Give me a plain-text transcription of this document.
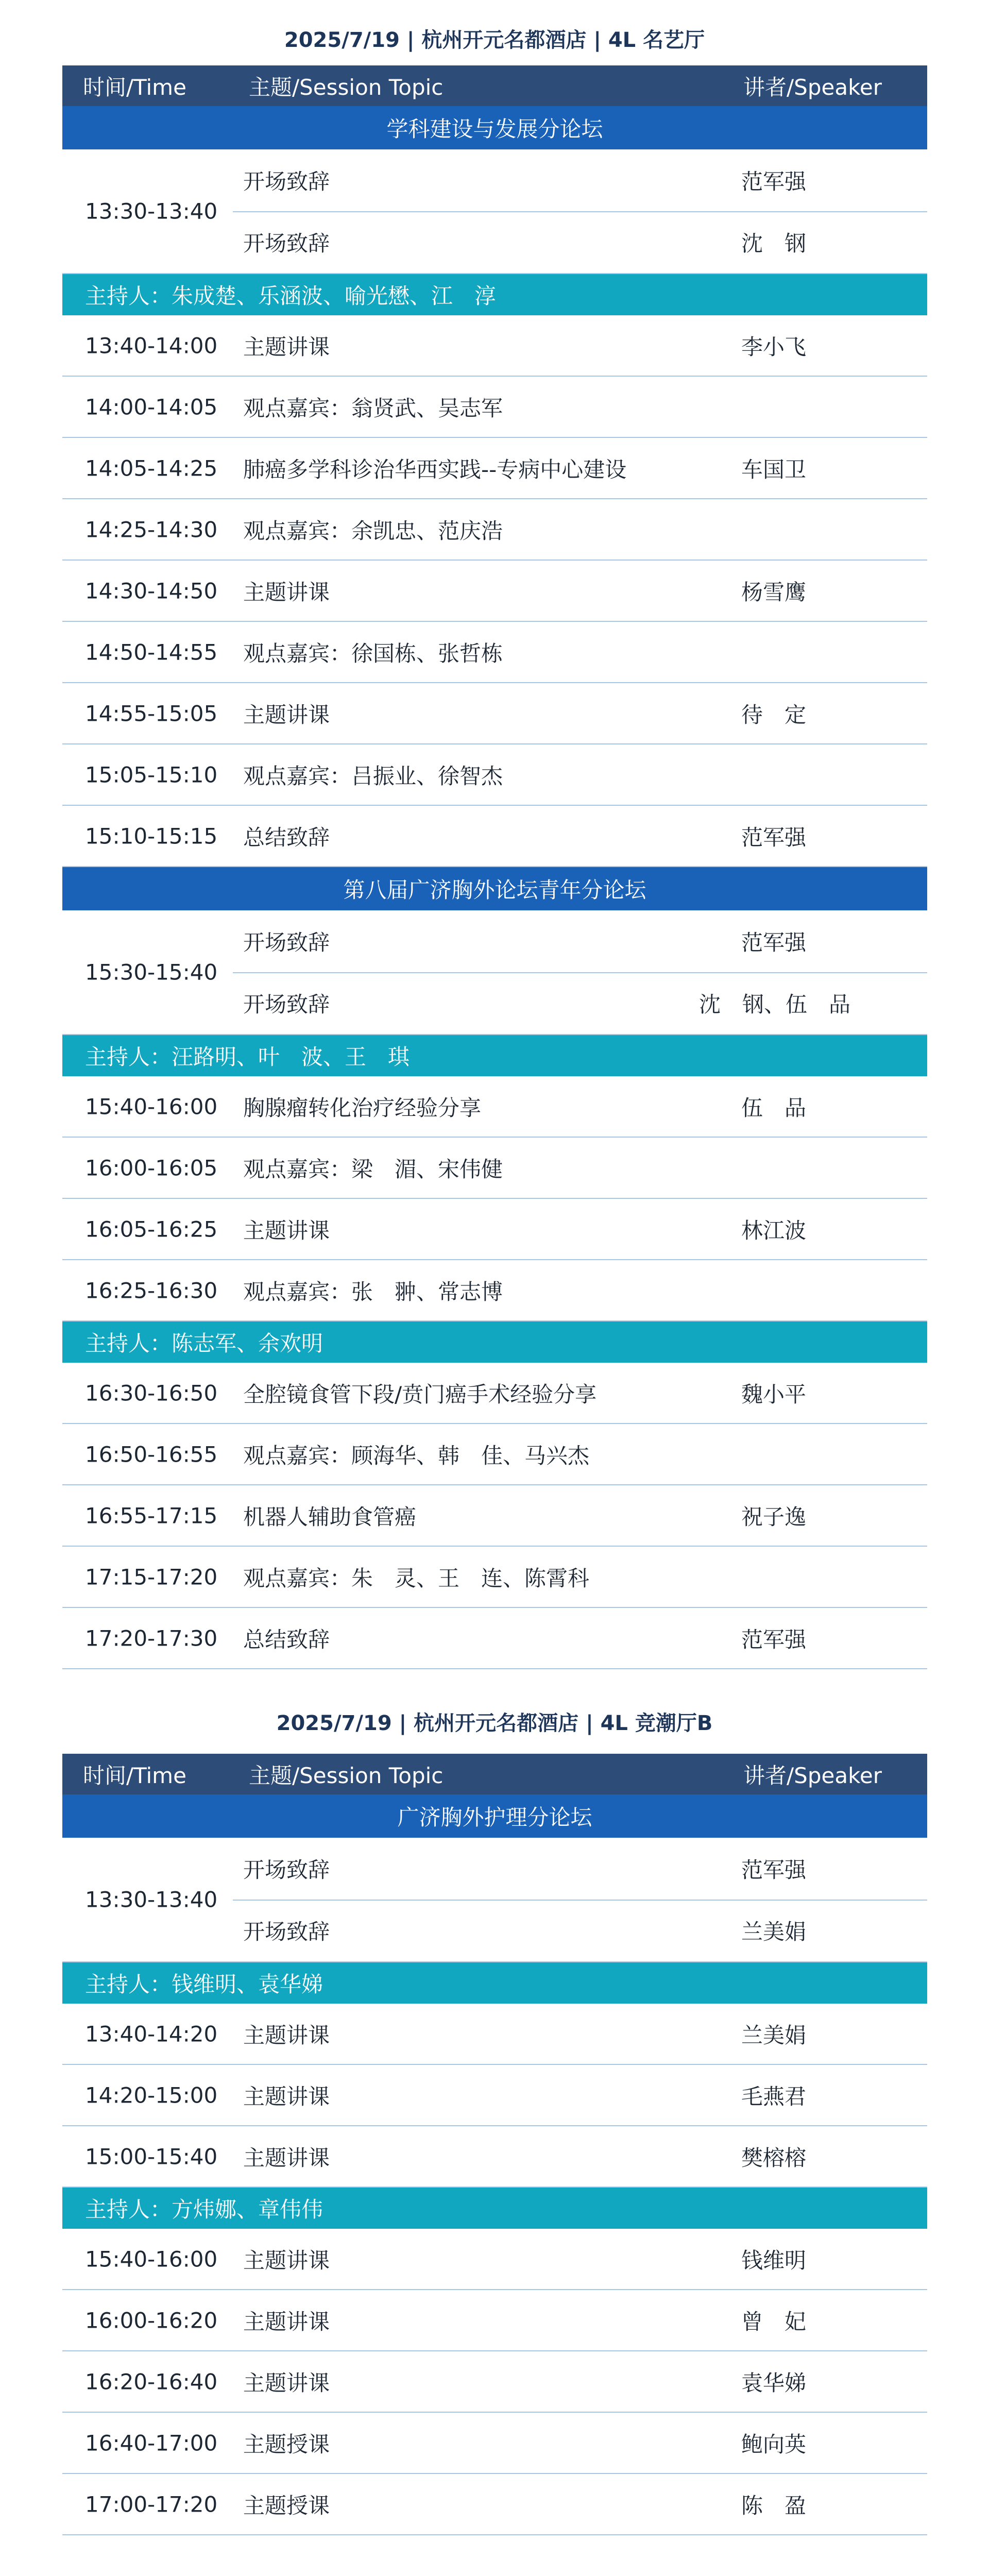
2025/7/19 | 杭州开元名都酒店 | 4L 名艺厅
时间/Time	主题/Session Topic	讲者/Speaker
学科建设与发展分论坛
13:30-13:40
开场致辞	范军强
开场致辞	沈　钢
主持人：朱成楚、乐涵波、喻光懋、江　淳
13:40-14:00 主题讲课	李小飞
14:00-14:05 观点嘉宾：翁贤武、吴志军
14:05-14:25 肺癌多学科诊治华西实践--专病中心建设	车国卫
14:25-14:30 观点嘉宾：余凯忠、范庆浩
14:30-14:50 主题讲课	杨雪鹰
14:50-14:55 观点嘉宾：徐国栋、张哲栋
14:55-15:05 主题讲课	待　定
15:05-15:10 观点嘉宾：吕振业、徐智杰
15:10-15:15 总结致辞	范军强
第八届广济胸外论坛青年分论坛
15:30-15:40
开场致辞	范军强
开场致辞	沈　钢、伍　品
主持人：汪路明、叶　波、王　琪
15:40-16:00 胸腺瘤转化治疗经验分享	伍　品
16:00-16:05 观点嘉宾：梁　湄、宋伟健
16:05-16:25 主题讲课	林江波
16:25-16:30 观点嘉宾：张　翀、常志博
主持人：陈志军、余欢明
16:30-16:50 全腔镜食管下段/贲门癌手术经验分享	魏小平
16:50-16:55 观点嘉宾：顾海华、韩　佳、马兴杰
16:55-17:15 机器人辅助食管癌	祝子逸
17:15-17:20 观点嘉宾：朱　灵、王　连、陈霄科
17:20-17:30 总结致辞	范军强
2025/7/19 | 杭州开元名都酒店 | 4L 竞潮厅B
时间/Time	主题/Session Topic	讲者/Speaker
广济胸外护理分论坛
13:30-13:40
开场致辞	范军强
开场致辞	兰美娟
主持人：钱维明、袁华娣
13:40-14:20 主题讲课	兰美娟
14:20-15:00 主题讲课	毛燕君
15:00-15:40 主题讲课	樊榕榕
主持人：方炜娜、章伟伟
15:40-16:00 主题讲课	钱维明
16:00-16:20 主题讲课	曾　妃
16:20-16:40 主题讲课	袁华娣
16:40-17:00 主题授课	鲍向英
17:00-17:20 主题授课	陈　盈
